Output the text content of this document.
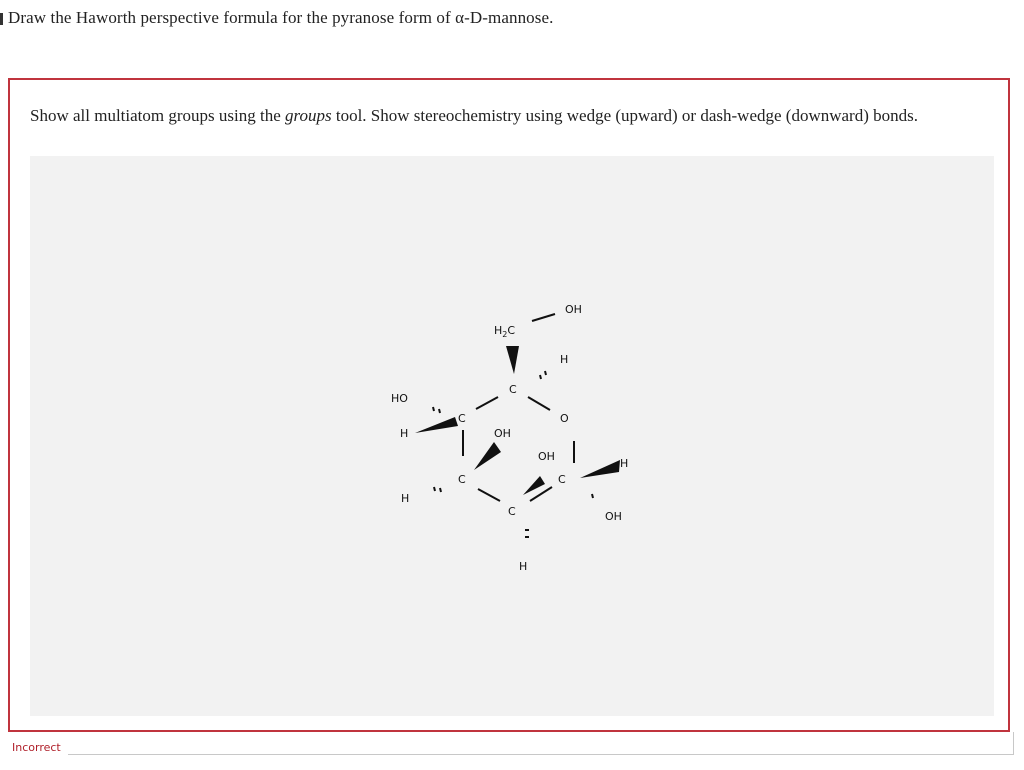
Draw the Haworth perspective formula for the pyranose form of α-D-mannose.
Show all multiatom groups using the groups tool. Show stereochemistry using wedge (upward) or dash-wedge (downward) bonds.
OH
$H_2C$
H
C
HO
C	O
H	OH
OH
C
H
C
H
C	OH
H
Incorrect
